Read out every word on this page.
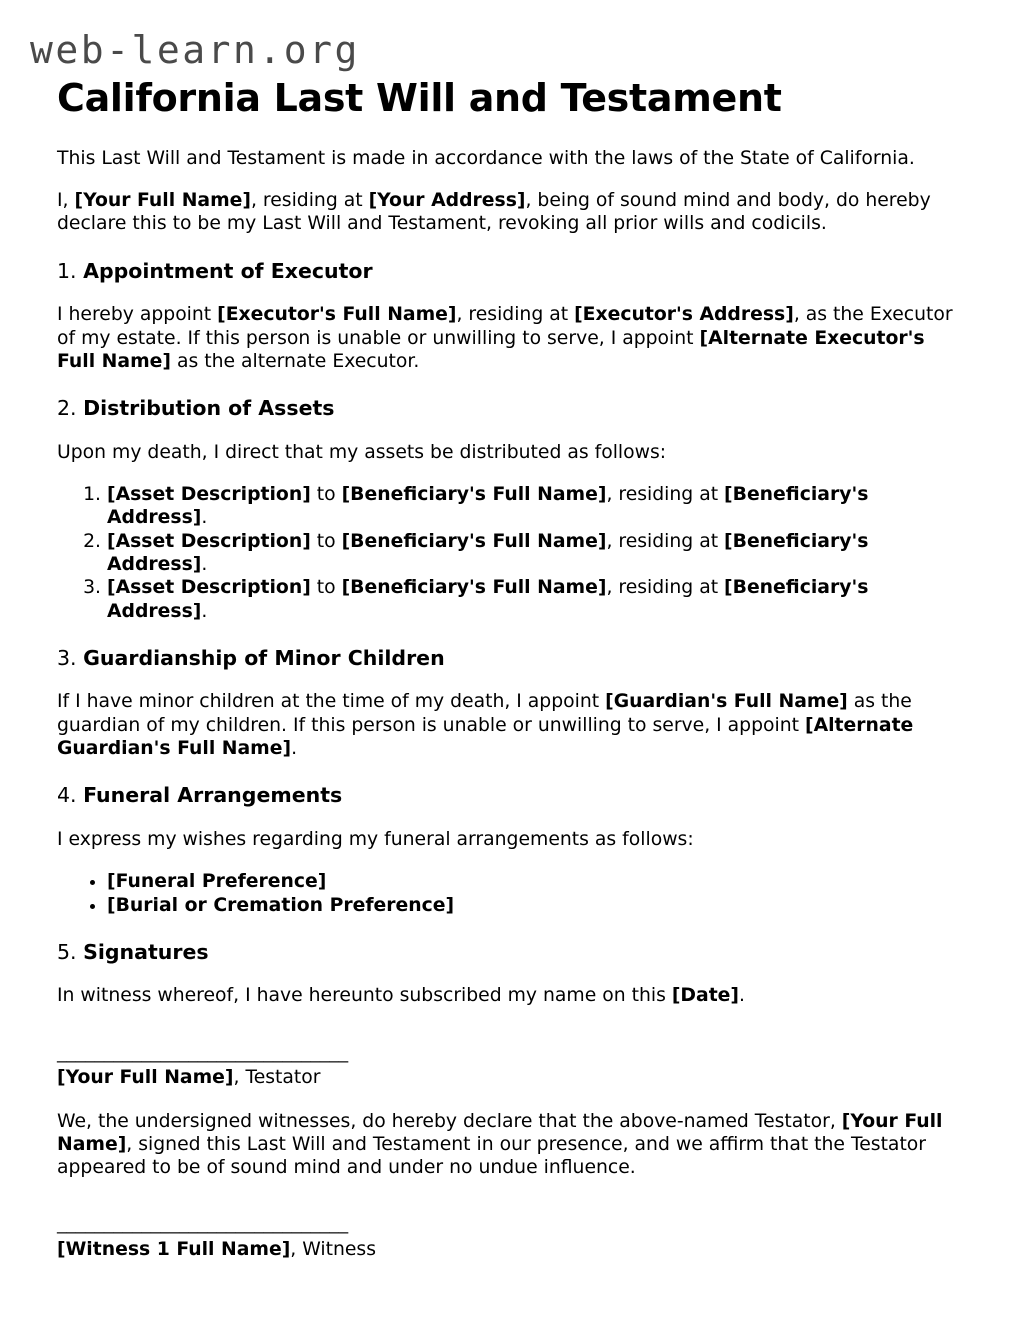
web-learn.org
California Last Will and Testament

This Last Will and Testament is made in accordance with the laws of the State of California.

I, [Your Full Name], residing at [Your Address], being of sound mind and body, do hereby declare this to be my Last Will and Testament, revoking all prior wills and codicils.

1. Appointment of Executor

I hereby appoint [Executor's Full Name], residing at [Executor's Address], as the Executor of my estate. If this person is unable or unwilling to serve, I appoint [Alternate Executor's Full Name] as the alternate Executor.

2. Distribution of Assets

Upon my death, I direct that my assets be distributed as follows:

1. [Asset Description] to [Beneficiary's Full Name], residing at [Beneficiary's Address].
2. [Asset Description] to [Beneficiary's Full Name], residing at [Beneficiary's Address].
3. [Asset Description] to [Beneficiary's Full Name], residing at [Beneficiary's Address].
3. Guardianship of Minor Children

If I have minor children at the time of my death, I appoint [Guardian's Full Name] as the guardian of my children. If this person is unable or unwilling to serve, I appoint [Alternate Guardian's Full Name].

4. Funeral Arrangements

I express my wishes regarding my funeral arrangements as follows:

• [Funeral Preference]
• [Burial or Cremation Preference]
5. Signatures

In witness whereof, I have hereunto subscribed my name on this [Date].

_______________________________
[Your Full Name], Testator

We, the undersigned witnesses, do hereby declare that the above-named Testator, [Your Full Name], signed this Last Will and Testament in our presence, and we affirm that the Testator appeared to be of sound mind and under no undue influence.

_______________________________
[Witness 1 Full Name], Witness
